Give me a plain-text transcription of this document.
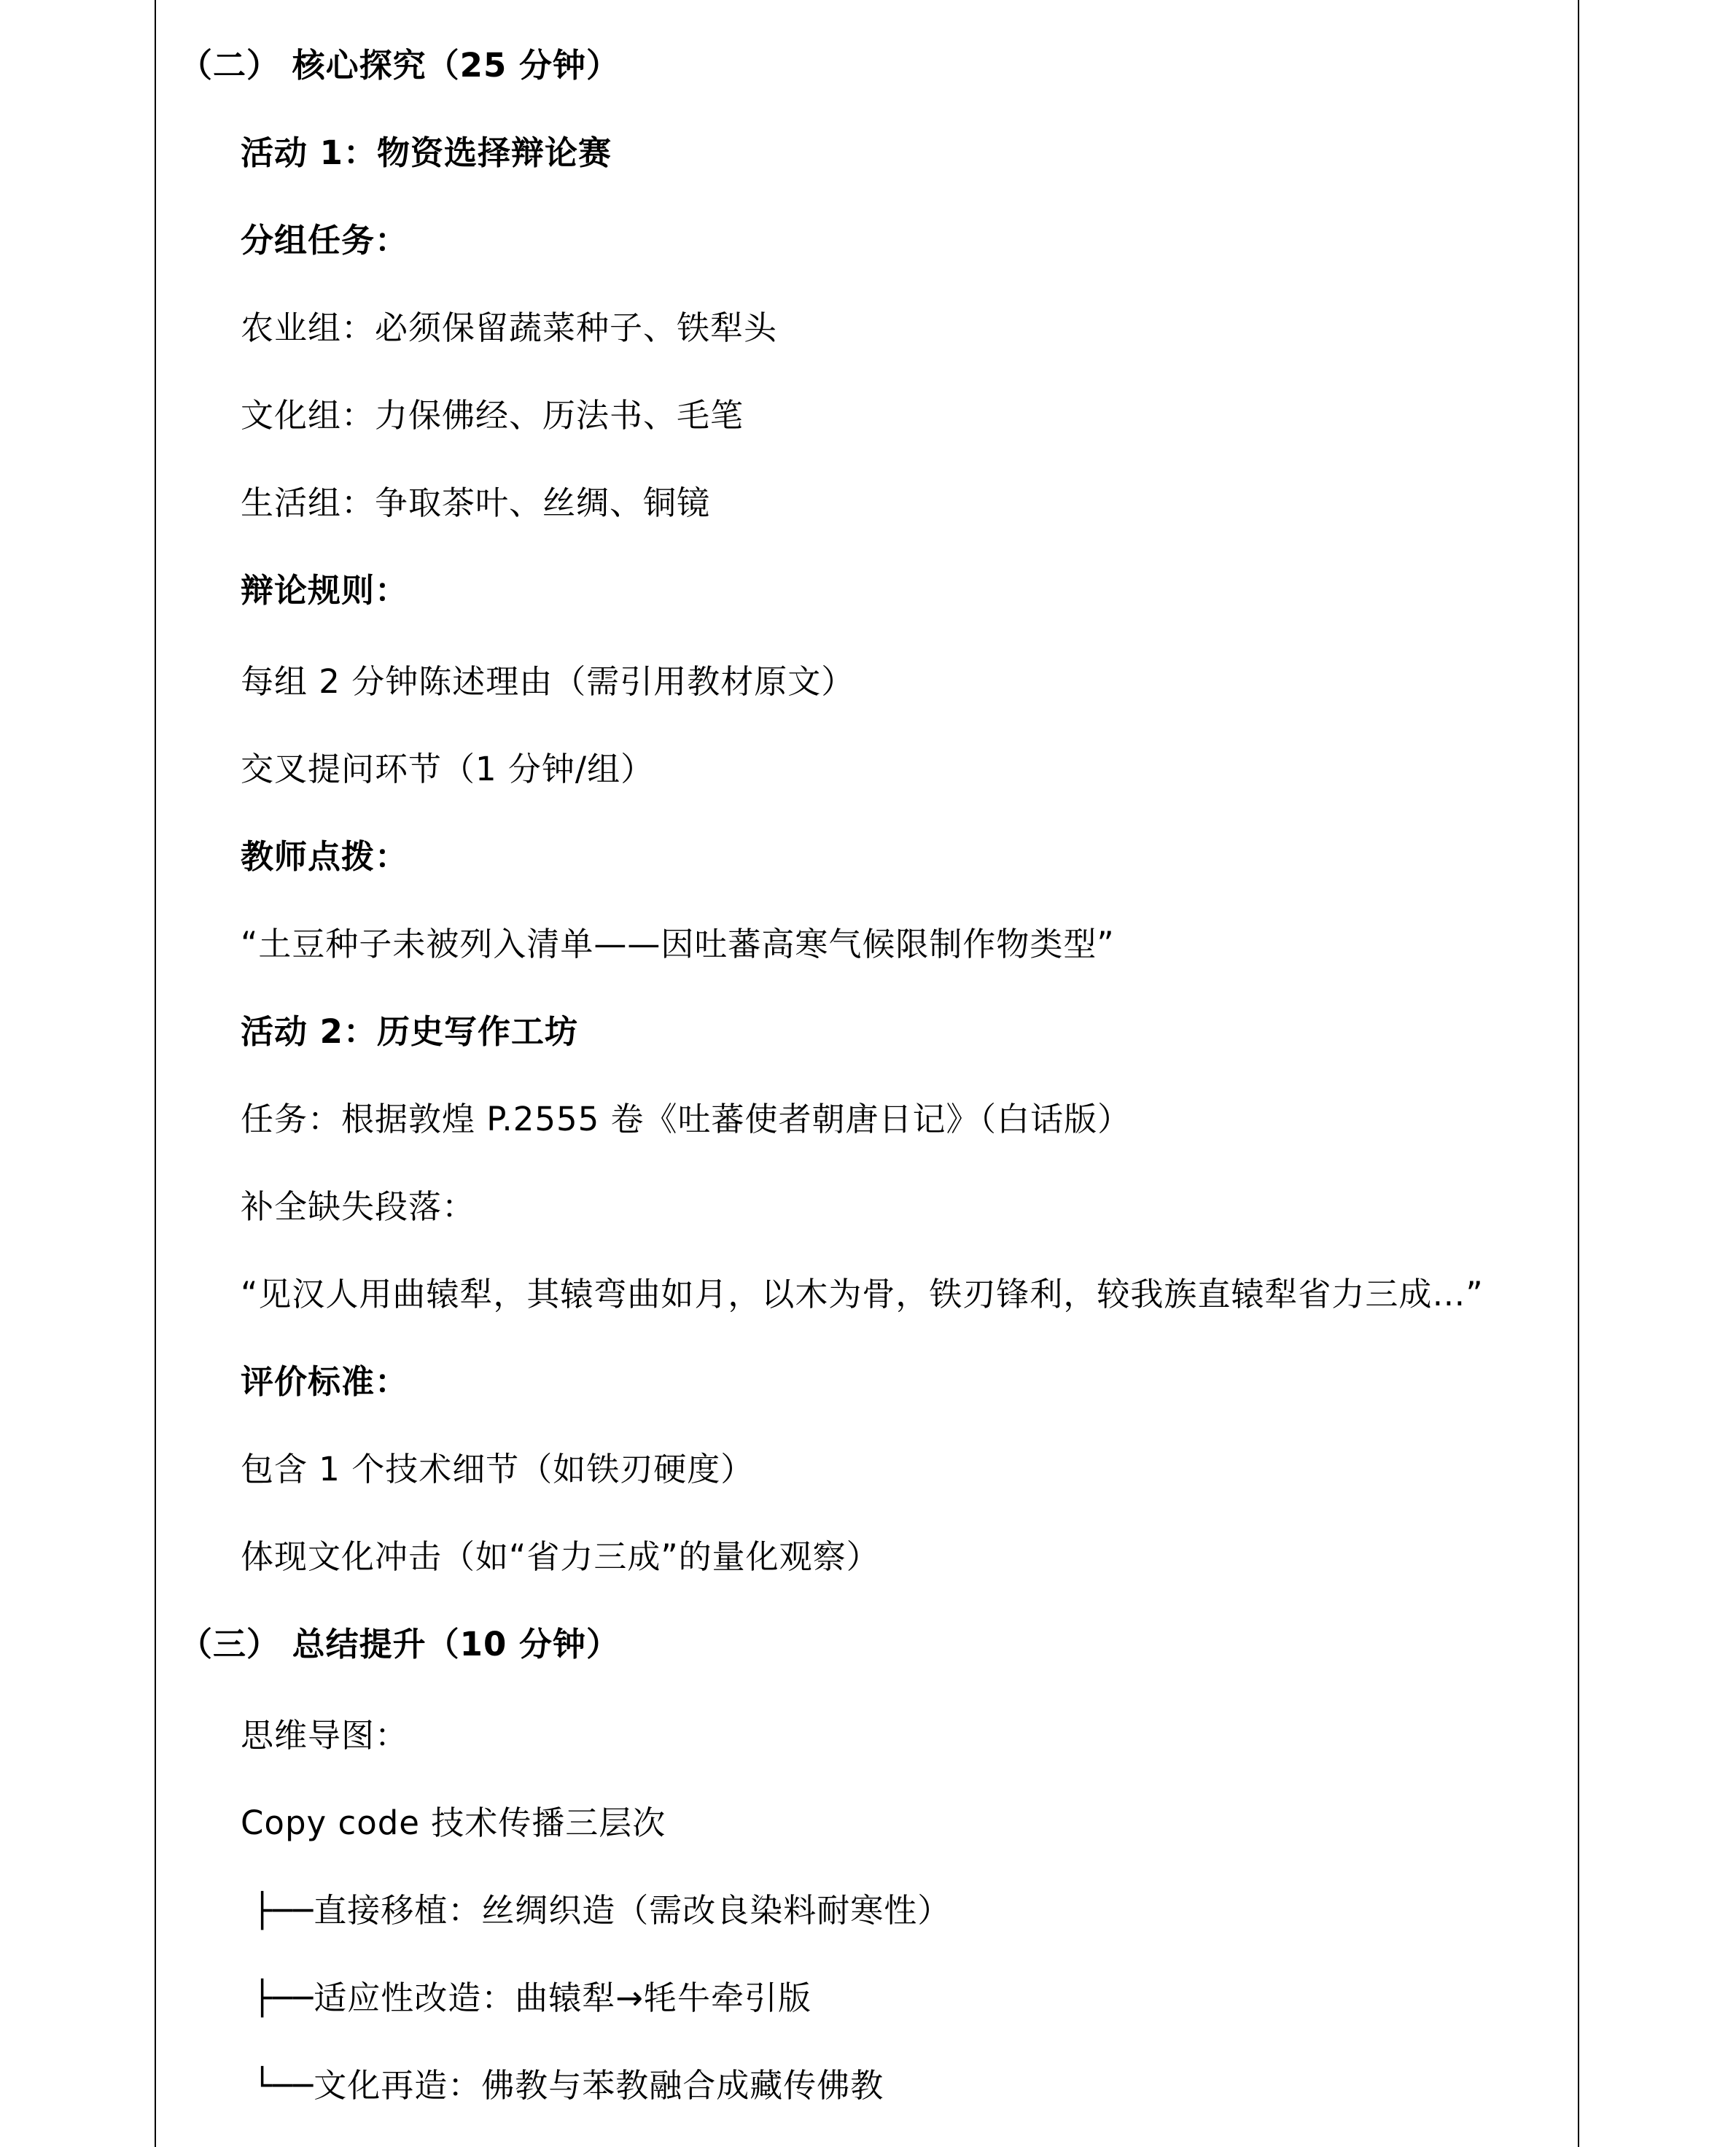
（二） 核心探究（25 分钟）
活动 1：物资选择辩论赛
分组任务：
农业组：必须保留蔬菜种子、铁犁头
文化组：力保佛经、历法书、毛笔
生活组：争取茶叶、丝绸、铜镜
辩论规则：
每组 2 分钟陈述理由（需引用教材原文）
交叉提问环节（1 分钟/组）
教师点拨：
“土豆种子未被列入清单——因吐蕃高寒气候限制作物类型”
活动 2：历史写作工坊
任务：根据敦煌 P.2555 卷《吐蕃使者朝唐日记》（白话版）
补全缺失段落：
“见汉人用曲辕犁，其辕弯曲如月，以木为骨，铁刃锋利，较我族直辕犁省力三成…”
评价标准：
包含 1 个技术细节（如铁刃硬度）
体现文化冲击（如“省力三成”的量化观察）
（三） 总结提升（10 分钟）
思维导图：
Copy code 技术传播三层次
├──直接移植：丝绸织造（需改良染料耐寒性）
├──适应性改造：曲辕犁→牦牛牵引版
└──文化再造：佛教与苯教融合成藏传佛教
